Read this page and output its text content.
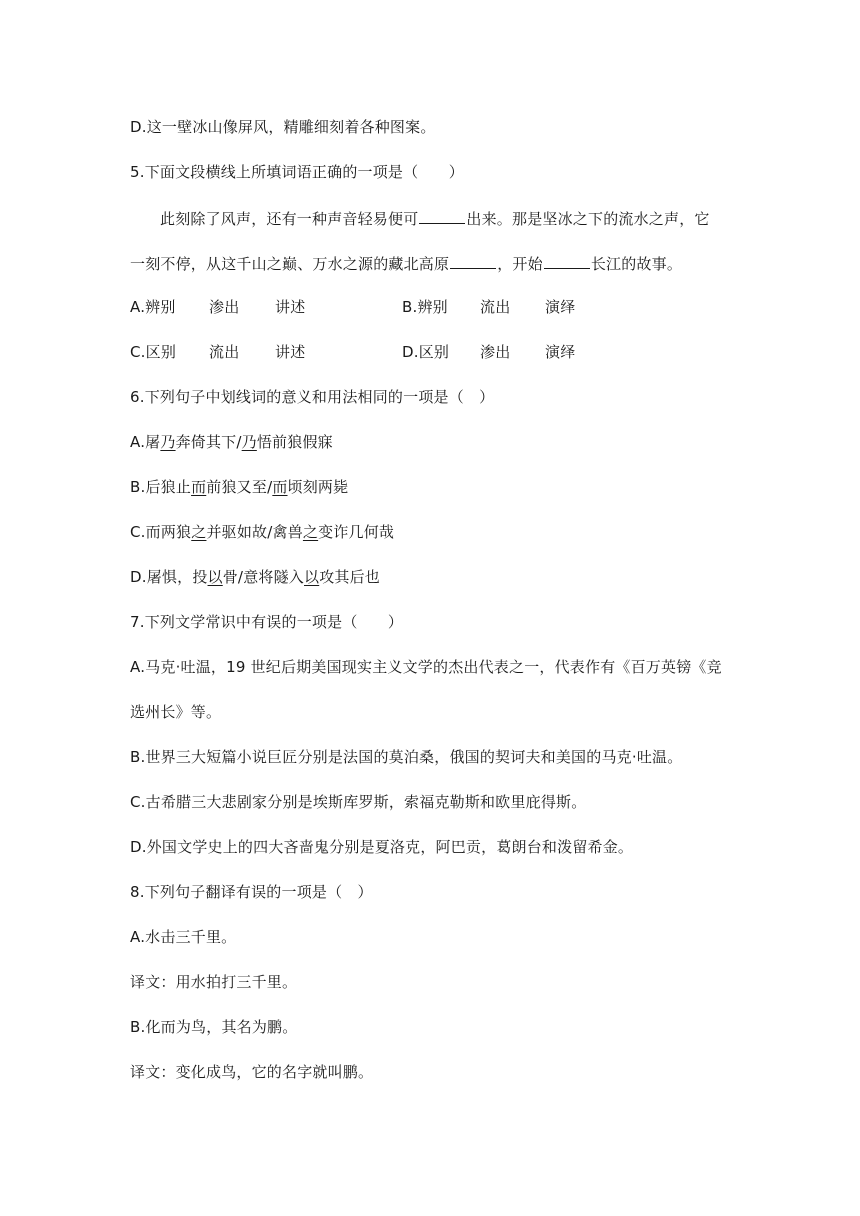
D.这一壁冰山像屏风，精雕细刻着各种图案。
5.下面文段横线上所填词语正确的一项是（　　）
此刻除了风声，还有一种声音轻易便可	出来。那是坚冰之下的流水之声，它
一刻不停，从这千山之巅、万水之源的藏北高原	，开始	长江的故事。
A.辨别 渗出 讲述	B.辨别 流出 演绎
C.区别 流出 讲述	D.区别 渗出 演绎
6.下列句子中划线词的意义和用法相同的一项是（　）
A.屠乃奔倚其下/乃悟前狼假寐
B.后狼止而前狼又至/而顷刻两毙
C.而两狼之并驱如故/禽兽之变诈几何哉
D.屠惧，投以骨/意将隧入以攻其后也
7.下列文学常识中有误的一项是（　　）
A.马克·吐温，19 世纪后期美国现实主义文学的杰出代表之一，代表作有《百万英镑《竞
选州长》等。
B.世界三大短篇小说巨匠分别是法国的莫泊桑，俄国的契诃夫和美国的马克·吐温。
C.古希腊三大悲剧家分别是埃斯库罗斯，索福克勒斯和欧里庇得斯。
D.外国文学史上的四大吝啬鬼分别是夏洛克，阿巴贡，葛朗台和泼留希金。
8.下列句子翻译有误的一项是（　）
A.水击三千里。
译文：用水拍打三千里。
B.化而为鸟，其名为鹏。
译文：变化成鸟，它的名字就叫鹏。
